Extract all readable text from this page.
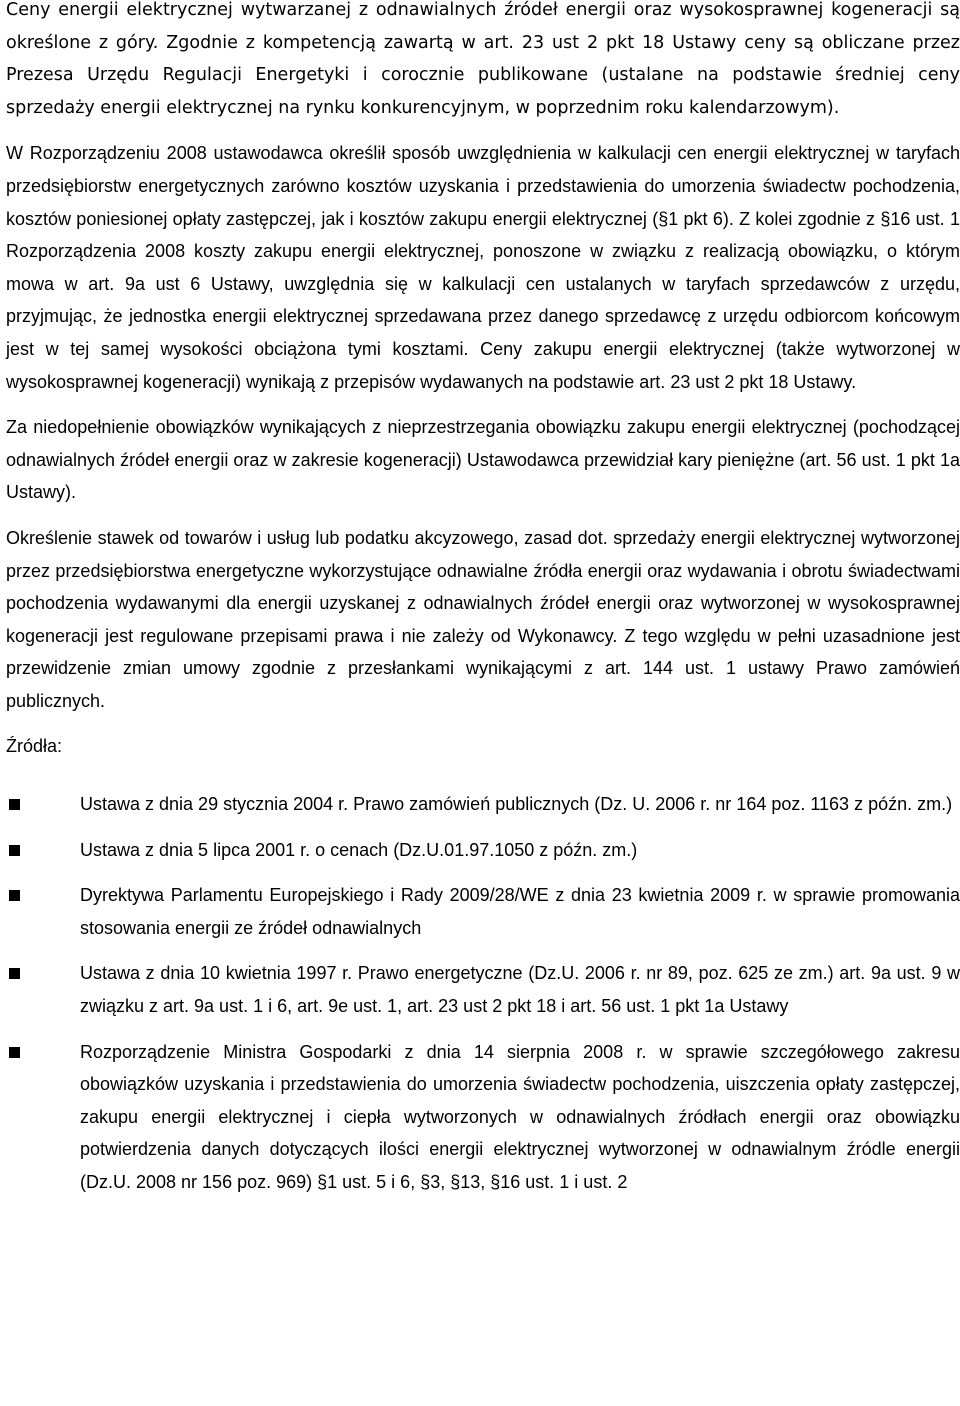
Ceny energii elektrycznej wytwarzanej z odnawialnych źródeł energii oraz wysokosprawnej kogeneracji są określone z góry. Zgodnie z kompetencją zawartą w art. 23 ust 2 pkt 18 Ustawy ceny są obliczane przez Prezesa Urzędu Regulacji Energetyki i corocznie publikowane (ustalane na podstawie średniej ceny sprzedaży energii elektrycznej na rynku konkurencyjnym, w poprzednim roku kalendarzowym).

W Rozporządzeniu 2008 ustawodawca określił sposób uwzględnienia w kalkulacji cen energii elektrycznej w taryfach przedsiębiorstw energetycznych zarówno kosztów uzyskania i przedstawienia do umorzenia świadectw pochodzenia, kosztów poniesionej opłaty zastępczej, jak i kosztów zakupu energii elektrycznej (§1 pkt 6). Z kolei zgodnie z §16 ust. 1 Rozporządzenia 2008 koszty zakupu energii elektrycznej, ponoszone w związku z realizacją obowiązku, o którym mowa w art. 9a ust 6 Ustawy, uwzględnia się w kalkulacji cen ustalanych w taryfach sprzedawców z urzędu, przyjmując, że jednostka energii elektrycznej sprzedawana przez danego sprzedawcę z urzędu odbiorcom końcowym jest w tej samej wysokości obciążona tymi kosztami. Ceny zakupu energii elektrycznej (także wytworzonej w wysokosprawnej kogeneracji) wynikają z przepisów wydawanych na podstawie art. 23 ust 2 pkt 18 Ustawy.

Za niedopełnienie obowiązków wynikających z nieprzestrzegania obowiązku zakupu energii elektrycznej (pochodzącej odnawialnych źródeł energii oraz w zakresie kogeneracji) Ustawodawca przewidział kary pieniężne (art. 56 ust. 1 pkt 1a Ustawy).

Określenie stawek od towarów i usług lub podatku akcyzowego, zasad dot. sprzedaży energii elektrycznej wytworzonej przez przedsiębiorstwa energetyczne wykorzystujące odnawialne źródła energii oraz wydawania i obrotu świadectwami pochodzenia wydawanymi dla energii uzyskanej z odnawialnych źródeł energii oraz wytworzonej w wysokosprawnej kogeneracji jest regulowane przepisami prawa i nie zależy od Wykonawcy. Z tego względu w pełni uzasadnione jest przewidzenie zmian umowy zgodnie z przesłankami wynikającymi z art. 144 ust. 1 ustawy Prawo zamówień publicznych.

Źródła:
Ustawa z dnia 29 stycznia 2004 r. Prawo zamówień publicznych (Dz. U. 2006 r. nr 164 poz. 1163 z późn. zm.)
Ustawa z dnia 5 lipca 2001 r. o cenach (Dz.U.01.97.1050 z późn. zm.)
Dyrektywa Parlamentu Europejskiego i Rady 2009/28/WE z dnia 23 kwietnia 2009 r. w sprawie promowania stosowania energii ze źródeł odnawialnych
Ustawa z dnia 10 kwietnia 1997 r. Prawo energetyczne (Dz.U. 2006 r. nr 89, poz. 625 ze zm.) art. 9a ust. 9 w związku z art. 9a ust. 1 i 6, art. 9e ust. 1, art. 23 ust 2 pkt 18 i art. 56 ust. 1 pkt 1a Ustawy
Rozporządzenie Ministra Gospodarki z dnia 14 sierpnia 2008 r. w sprawie szczegółowego zakresu obowiązków uzyskania i przedstawienia do umorzenia świadectw pochodzenia, uiszczenia opłaty zastępczej, zakupu energii elektrycznej i ciepła wytworzonych w odnawialnych źródłach energii oraz obowiązku potwierdzenia danych dotyczących ilości energii elektrycznej wytworzonej w odnawialnym źródle energii (Dz.U. 2008 nr 156 poz. 969) §1 ust. 5 i 6, §3, §13, §16 ust. 1 i ust. 2
